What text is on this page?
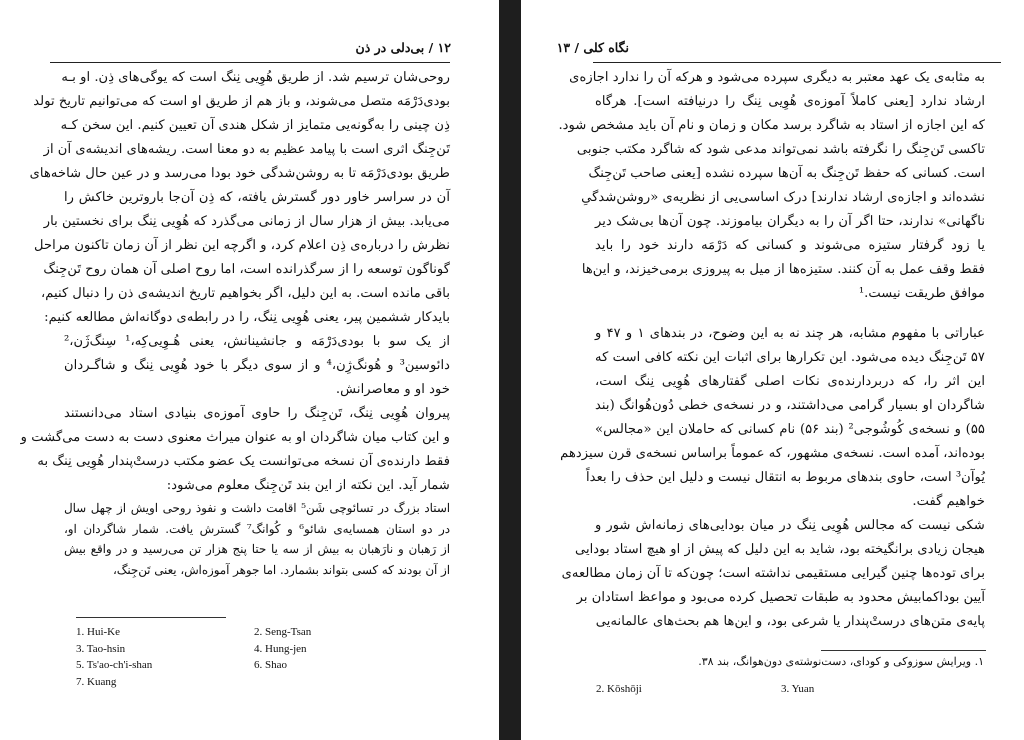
۱۲ / بی‌دلی در ذن
روحی‌شان ترسیم شد. از طریق هُوِیی نِنگ است که یوگی‌های ذِن. او بـه
بودی‌دَرْمَه متصل می‌شوند، و باز هم از طریق او است که می‌توانیم تاریخ تولد
ذِن چینی را به‌گونه‌یی متمایز از شکل هندی آن تعیین کنیم. این سخن کـه
تَن‌جِنگ اثری است با پیامد عظیم به دو معنا است. ریشه‌های اندیشه‌ی آن از
طریق بودی‌دَرْمَه تا به روشن‌شدگی خود بودا می‌رسد و در عین حال شاخه‌های
آن در سراسر خاور دور گسترش یافته، که ذِن آن‌جا باروترین خاکش را
می‌یابد. بیش از هزار سال از زمانی می‌گذرد که هُوِیی نِنگ برای نخستین بار
نظرش را درباره‌ی ذِن اعلام کرد، و اگرچه این نظر از آن زمان تاکنون مراحل
گوناگون توسعه را از سرگذرانده است، اما روح اصلی آن همان روح تَن‌جِنگ
باقی مانده است. به این دلیل، اگر بخواهیم تاریخ اندیشه‌ی ذن را دنبال کنیم،
بایدکار ششمین پیر، یعنی هُوِیی نِنگ، را در رابطه‌ی دوگانه‌اش مطالعه کنیم:
از یک سو با بودی‌دَرْمَه و جانشینانش، یعنی هُـوِیی‌کِه،¹ سِنگ‌ژَن،²
دائوسین³ و هُونگ‌ژِن،⁴ و از سوی دیگر با خود هُوِیی نِنگ و شاگـردان
خود او و معاصرانش.
پیروان هُوِیی نِنگ، تَن‌جِنگ را حاوی آموزه‌ی بنیادی استاد می‌دانستند
و این کتاب میان شاگردان او به عنوان میراث معنوی دست به دست می‌گشت و
فقط دارنده‌ی آن نسخه می‌توانست یک عضو مکتب درستْ‌پندار هُوِیی نِنگ به
شمار آید. این نکته از این بند تَن‌جِنگ معلوم می‌شود:
استاد بزرگ در تسائوچی شَن⁵ اقامت داشت و نفوذ روحی اویش از چهل سال
در دو استان همسایه‌ی شائو⁶ و کُوانگ⁷ گسترش یافت. شمار شاگردان او،
از رَهبان و نارَهبان به بیش از سه یا حتا پنج هزار تن می‌رسید و در واقع بیش
از آن بودند که کسی بتواند بشمارد. اما جوهر آموزه‌اش، یعنی تَن‌جِنگ،
1. Hui-Ke	2. Seng-Tsan
3. Tao-hsin	4. Hung-jen
5. Ts'ao-ch'i-shan	6. Shao
7. Kuang
نگاه کلی / ۱۳
به مثابه‌ی یک عهد معتبر به دیگری سپرده می‌شود و هرکه آن را ندارد اجازه‌ی
ارشاد ندارد [یعنی کاملاً آموزه‌ی هُوِیی نِنگ را درنیافته است]. هرگاه
که این اجازه از استاد به شاگرد برسد مکان و زمان و نام آن باید مشخص شود.
تاکسی تَن‌جِنگ را نگرفته باشد نمی‌تواند مدعی شود که شاگرد مکتب جنوبی
است. کسانی که حفظ تَن‌جِنگ به آن‌ها سپرده نشده [یعنی صاحب تَن‌جِنگ
نشده‌اند و اجازه‌ی ارشاد ندارند] درک اساسی‌یی از نظریه‌ی «روشن‌شدگیِ
ناگهانی» ندارند، حتا اگر آن را به دیگران بیاموزند. چون آن‌ها بی‌شک دیر
یا زود گرفتار ستیزه می‌شوند و کسانی که دَرْمَه دارند خود را باید
فقط وقف عمل به آن کنند. ستیزه‌ها از میل به پیروزی برمی‌خیزند، و این‌ها
موافق طریقت نیست.¹
عباراتی با مفهوم مشابه، هر چند نه به این وضوح، در بندهای ۱ و ۴۷ و
۵۷ تَن‌جِنگ دیده می‌شود. این تکرارها برای اثبات این نکته کافی است که
این اثر را، که دربردارنده‌ی نکات اصلی گفتارهای هُوِیی نِنگ است،
شاگردان او بسیار گرامی می‌داشتند، و در نسخه‌ی خطی دُون‌هُوانگ (بند
۵۵) و نسخه‌ی کُوشُوجی² (بند ۵۶) نام کسانی که حاملان این «مجالس»
بوده‌اند، آمده است. نسخه‌ی مشهور، که عموماً براساس نسخه‌ی قرن سیزدهم
یُوآن³ است، حاوی بندهای مربوط به انتقال نیست و دلیل این حذف را بعداً
خواهیم گفت.
شکی نیست که مجالس هُوِیی نِنگ در میان بودایی‌های زمانه‌اش شور و
هیجان زیادی برانگیخته بود، شاید به این دلیل که پیش از او هیچ استاد بودایی
برای توده‌ها چنین گیرایی مستقیمی نداشته است؛ چون‌که تا آن زمان مطالعه‌ی
آیین بوداکمابیش محدود به طبقات تحصیل کرده می‌بود و مواعظ استادان بر
پایه‌ی متن‌های درستْ‌پندار یا شرعی بود، و این‌ها هم بحث‌های عالمانه‌یی
۱. ویرایش سوزوکی و کودای، دست‌نوشته‌ی دون‌هوانگ، بند ۳۸.
2. Kōshōji	3. Yuan
